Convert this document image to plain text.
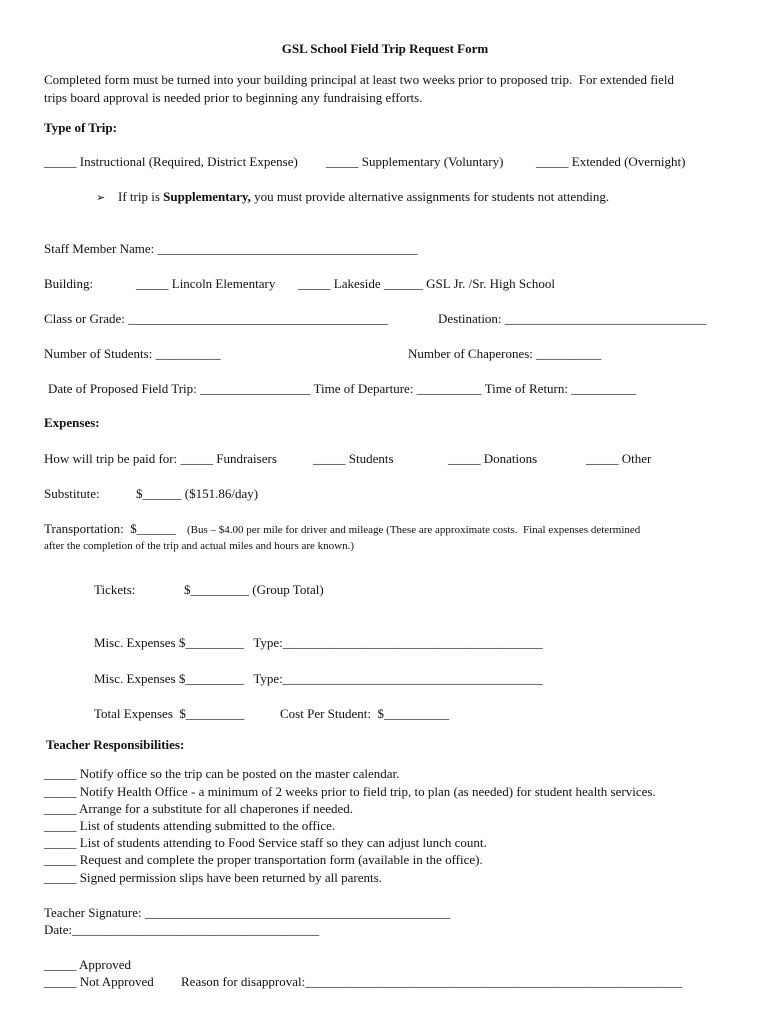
GSL School Field Trip Request Form
Completed form must be turned into your building principal at least two weeks prior to proposed trip.  For extended field
trips board approval is needed prior to beginning any fundraising efforts.
Type of Trip:
_____ Instructional (Required, District Expense) _____ Supplementary (Voluntary)	_____ Extended (Overnight)
➢ If trip is Supplementary, you must provide alternative assignments for students not attending.
Staff Member Name: ________________________________________
Building:	_____ Lincoln Elementary _____ Lakeside ______ GSL Jr. /Sr. High School
Class or Grade: ________________________________________	Destination: _______________________________
Number of Students: __________	Number of Chaperones: __________
Date of Proposed Field Trip: _________________ Time of Departure: __________ Time of Return: __________
Expenses:
How will trip be paid for: _____ Fundraisers	_____ Students	_____ Donations	_____ Other
Substitute:	$______ ($151.86/day)
Transportation:  $______ (Bus – $4.00 per mile for driver and mileage (These are approximate costs.  Final expenses determined
after the completion of the trip and actual miles and hours are known.)
Tickets:	$_________ (Group Total)
Misc. Expenses $_________   Type:________________________________________
Misc. Expenses $_________   Type:________________________________________
Total Expenses  $_________	Cost Per Student:  $__________
Teacher Responsibilities:
_____ Notify office so the trip can be posted on the master calendar.
_____ Notify Health Office - a minimum of 2 weeks prior to field trip, to plan (as needed) for student health services.
_____ Arrange for a substitute for all chaperones if needed.
_____ List of students attending submitted to the office.
_____ List of students attending to Food Service staff so they can adjust lunch count.
_____ Request and complete the proper transportation form (available in the office).
_____ Signed permission slips have been returned by all parents.
Teacher Signature: _______________________________________________
Date:______________________________________
_____ Approved
_____ Not Approved Reason for disapproval:__________________________________________________________
